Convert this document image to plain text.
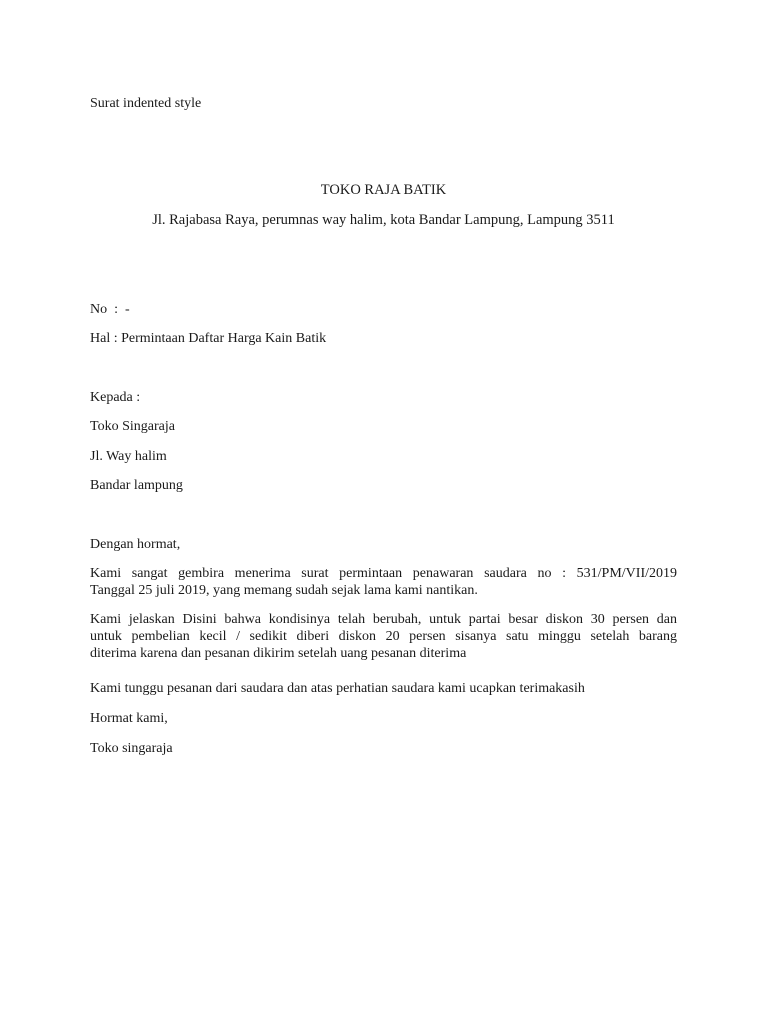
Surat indented style
TOKO RAJA BATIK
Jl. Rajabasa Raya, perumnas way halim, kota Bandar Lampung, Lampung 3511
No  :  -
Hal : Permintaan Daftar Harga Kain Batik
Kepada :
Toko Singaraja
Jl. Way halim
Bandar lampung
Dengan hormat,
Kami sangat gembira menerima surat permintaan penawaran saudara no : 531/PM/VII/2019
Tanggal 25 juli 2019, yang memang sudah sejak lama kami nantikan.
Kami jelaskan Disini bahwa kondisinya telah berubah, untuk partai besar diskon 30 persen dan
untuk pembelian kecil / sedikit diberi diskon 20 persen sisanya satu minggu setelah barang
diterima karena dan pesanan dikirim setelah uang pesanan diterima
Kami tunggu pesanan dari saudara dan atas perhatian saudara kami ucapkan terimakasih
Hormat kami,
Toko singaraja
